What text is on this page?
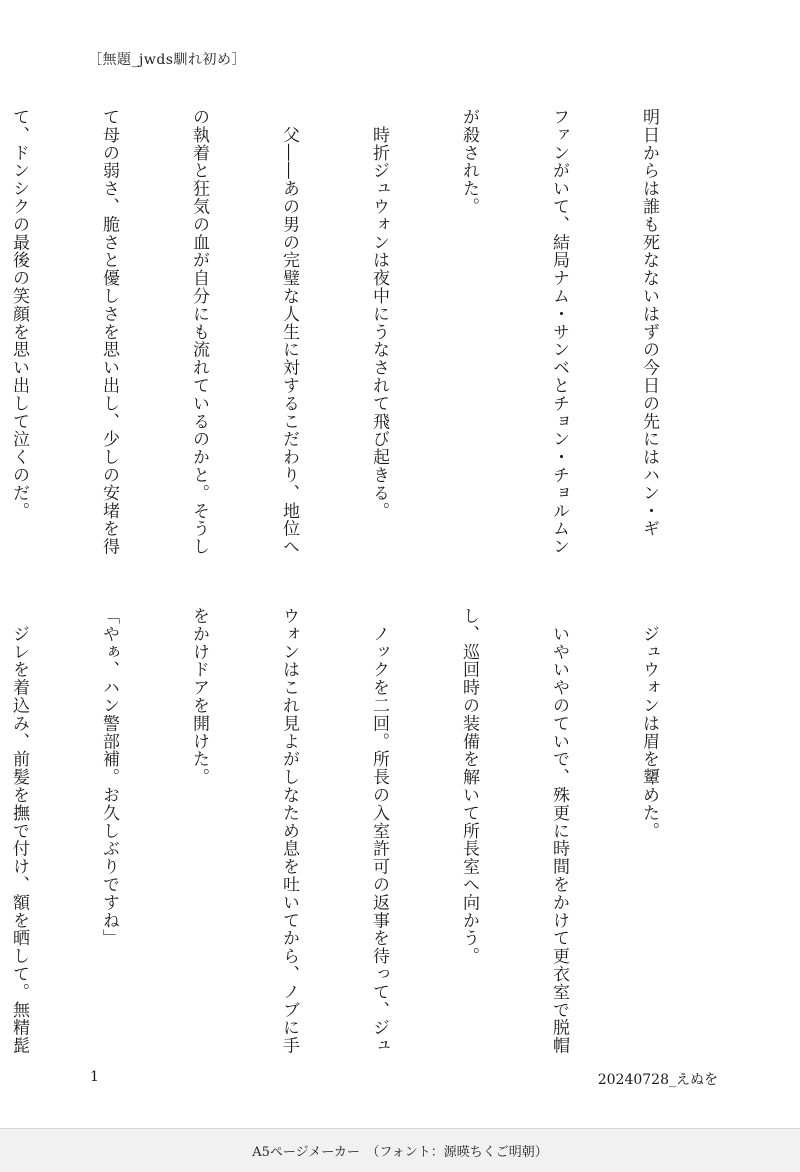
［無題_jwds馴れ初め］

明日からは誰も死なないはずの今日の先にはハン・ギ

ファンがいて、結局ナム・サンベとチョン・チョルムン

が殺された。

　時折ジュウォンは夜中にうなされて飛び起きる。

　父――あの男の完璧な人生に対するこだわり、地位へ

の執着と狂気の血が自分にも流れているのかと。そうし

て母の弱さ、脆さと優しさを思い出し、少しの安堵を得

て、ドンシクの最後の笑顔を思い出して泣くのだ。

　ジュウォンは眉を顰めた。

　いやいやのていで、殊更に時間をかけて更衣室で脱帽

し、巡回時の装備を解いて所長室へ向かう。

　ノックを二回。所長の入室許可の返事を待って、ジュ

ウォンはこれ見よがしなため息を吐いてから、ノブに手

をかけドアを開けた。

「やぁ、ハン警部補。お久しぶりですね」

　ジレを着込み、前髪を撫で付け、額を晒して。無精髭

1	20240728_えぬを
A5ページメーカー　（フォント：源暎ちくご明朝）
